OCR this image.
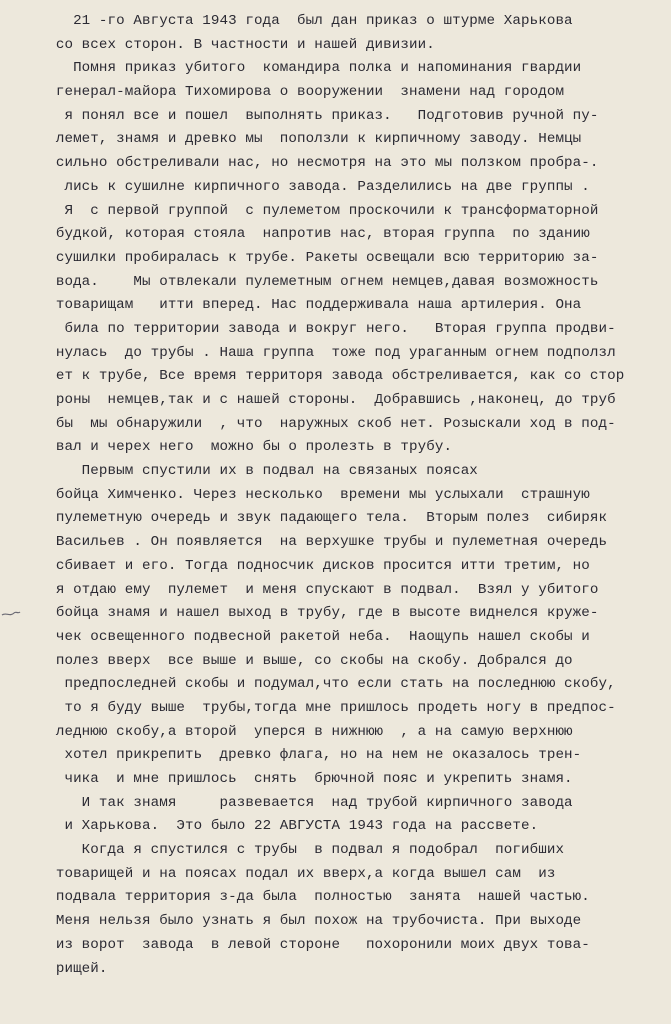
21 -го Августа 1943 года  был дан приказ о штурме Харькова
со всех сторон. В частности и нашей дивизии.
Помня приказ убитого  командира полка и напоминания гвардии
генерал-майора Тихомирова о вооружении  знамени над городом
я понял все и пошел  выполнять приказ.   Подготовив ручной пу-
лемет, знамя и древко мы  поползли к кирпичному заводу. Немцы
сильно обстреливали нас, но несмотря на это мы ползком пробра-.
лись к сушилне кирпичного завода. Разделились на две группы .
Я  с первой группой  с пулеметом проскочили к трансформаторной
будкой, которая стояла  напротив нас, вторая группа  по зданию
сушилки пробиралась к трубе. Ракеты освещали всю территорию за-
вода.    Мы отвлекали пулеметным огнем немцев,давая возможность
товарищам   итти вперед. Нас поддерживала наша артилерия. Она
била по территории завода и вокруг него.   Вторая группа продви-
нулась  до трубы . Наша группа  тоже под ураганным огнем подползл
ет к трубе, Все время территоря завода обстреливается, как со стор
роны  немцев,так и с нашей стороны.  Добравшись ,наконец, до труб
бы  мы обнаружили  , что  наружных скоб нет. Розыскали ход в под-
вал и черех него  можно бы о пролезть в трубу.
Первым спустили их в подвал на связаных поясах
бойца Химченко. Через несколько  времени мы услыхали  страшную
пулеметную очередь и звук падающего тела.  Вторым полез  сибиряк
Васильев . Он появляется  на верхушке трубы и пулеметная очередь
сбивает и его. Тогда подносчик дисков просится итти третим, но
я отдаю ему  пулемет  и меня спускают в подвал.  Взял у убитого
бойца знамя и нашел выход в трубу, где в высоте виднелся круже-
чек освещенного подвесной ракетой неба.  Наощупь нашел скобы и
полез вверх  все выше и выше, со скобы на скобу. Добрался до
предпоследней скобы и подумал,что если стать на последнюю скобу,
то я буду выше  трубы,тогда мне пришлось продеть ногу в предпос-
леднюю скобу,а второй  уперся в нижнюю  , а на самую верхнюю
хотел прикрепить  древко флага, но на нем не оказалось трен-
чика  и мне пришлось  снять  брючной пояс и укрепить знамя.
И так знамя     развевается  над трубой кирпичного завода
и Харькова.  Это было 22 АВГУСТА 1943 года на рассвете.
Когда я спустился с трубы  в подвал я подобрал  погибших
товарищей и на поясах подал их вверх,а когда вышел сам  из
подвала территория з-да была  полностью  занята  нашей частью.
Меня нельзя было узнать я был похож на трубочиста. При выходе
из ворот  завода  в левой стороне   похоронили моих двух това-
рищей.
